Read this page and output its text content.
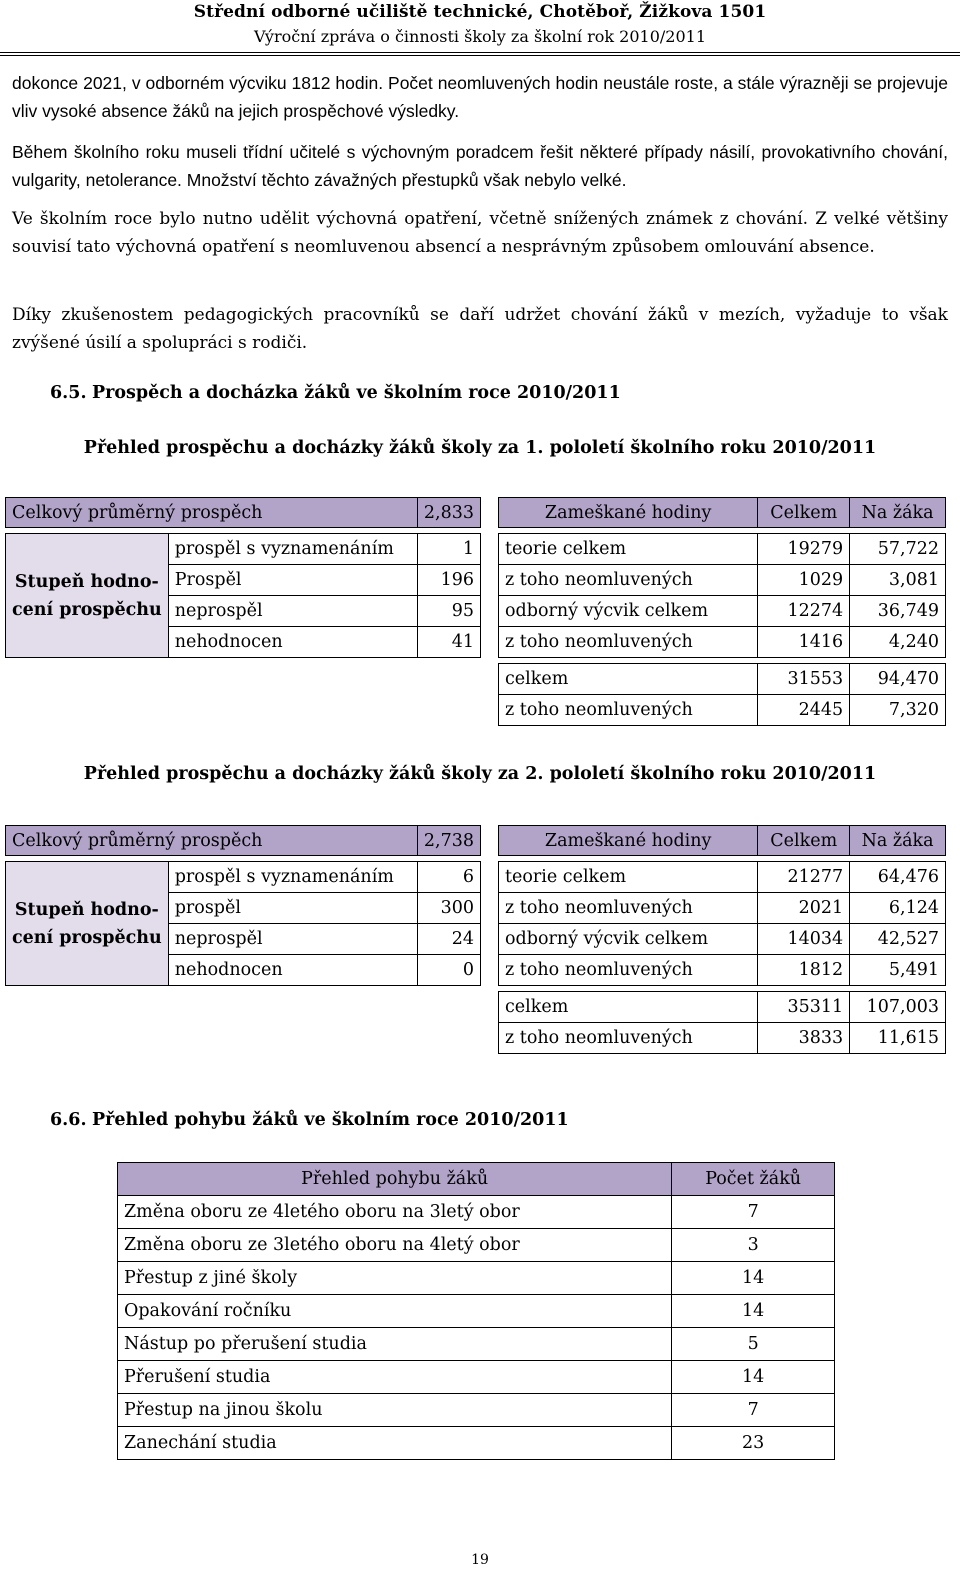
Střední odborné učiliště technické, Chotěboř, Žižkova 1501
Výroční zpráva o činnosti školy za školní rok 2010/2011

dokonce 2021, v odborném výcviku 1812 hodin. Počet neomluvených hodin neustále roste, a stále výrazněji se projevuje vliv vysoké absence žáků na jejich prospěchové výsledky.

Během školního roku museli třídní učitelé s výchovným poradcem řešit některé případy násilí, provokativního chování, vulgarity, netolerance. Množství těchto závažných přestupků však nebylo velké.

Ve školním roce bylo nutno udělit výchovná opatření, včetně snížených známek z chování. Z velké většiny souvisí tato výchovná opatření s neomluvenou absencí a nesprávným způsobem omlouvání absence.

Díky zkušenostem pedagogických pracovníků se daří udržet chování žáků v mezích, vyžaduje to však zvýšené úsilí a spolupráci s rodiči.

6.5. Prospěch a docházka žáků ve školním roce 2010/2011
Přehled prospěchu a docházky žáků školy za 1. pololetí školního roku 2010/2011
Celkový průměrný prospěch		2,833

Stupeň hodno-
cení prospěchu	prospěl s vyznamenáním	1
	Prospěl	196
	neprospěl	95
	nehodnocen	41
Zameškané hodiny	Celkem	Na žáka

teorie celkem	19279	57,722
z toho neomluvených	1029	3,081
odborný výcvik celkem	12274	36,749
z toho neomluvených	1416	4,240

celkem	31553	94,470
z toho neomluvených	2445	7,320
Přehled prospěchu a docházky žáků školy za 2. pololetí školního roku 2010/2011
Celkový průměrný prospěch		2,738

Stupeň hodno-
cení prospěchu	prospěl s vyznamenáním	6
	prospěl	300
	neprospěl	24
	nehodnocen	0
Zameškané hodiny	Celkem	Na žáka

teorie celkem	21277	64,476
z toho neomluvených	2021	6,124
odborný výcvik celkem	14034	42,527
z toho neomluvených	1812	5,491

celkem	35311	107,003
z toho neomluvených	3833	11,615
6.6. Přehled pohybu žáků ve školním roce 2010/2011
Přehled pohybu žáků	Počet žáků
Změna oboru ze 4letého oboru na 3letý obor	7
Změna oboru ze 3letého oboru na 4letý obor	3
Přestup z jiné školy	14
Opakování ročníku	14
Nástup po přerušení studia	5
Přerušení studia	14
Přestup na jinou školu	7
Zanechání studia	23
19
